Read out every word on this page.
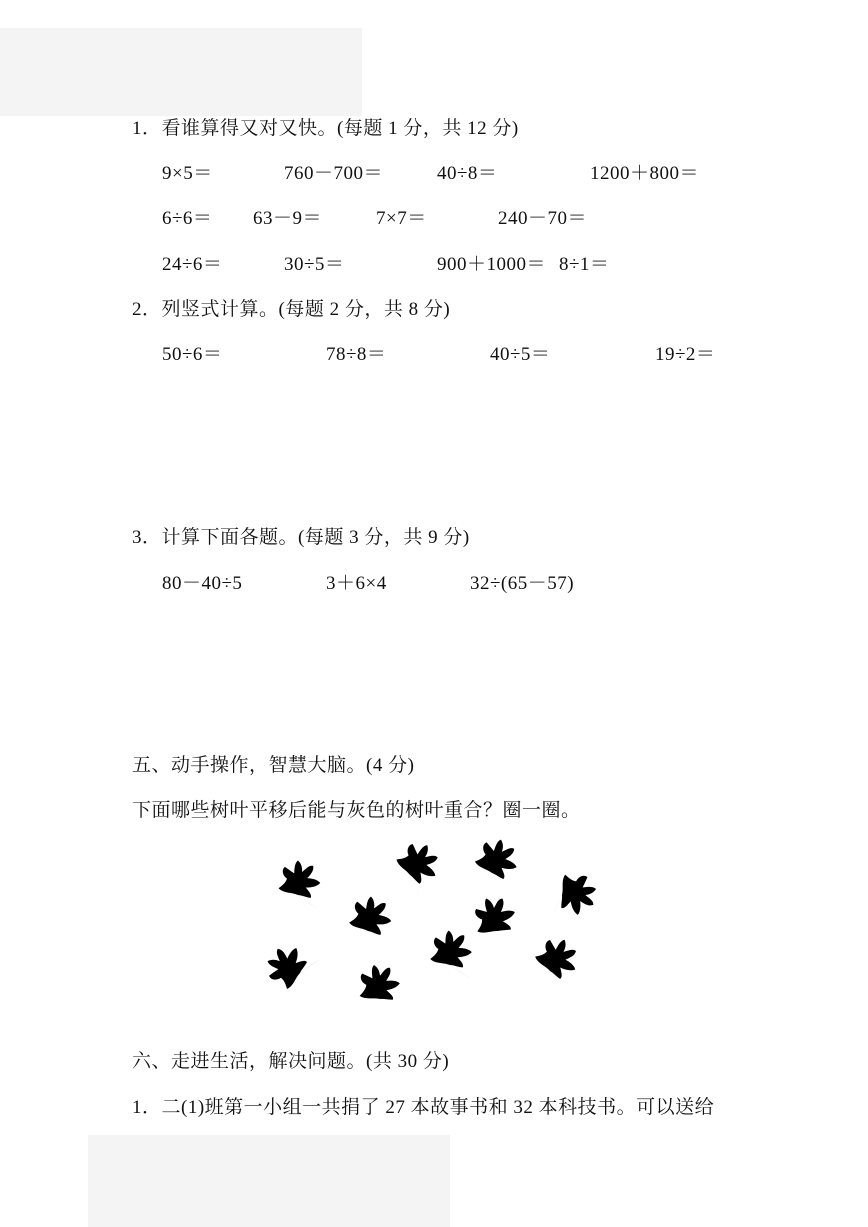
1．看谁算得又对又快。(每题 1 分，共 12 分)
9×5＝	760－700＝	40÷8＝	1200＋800＝
6÷6＝ 63－9＝	7×7＝	240－70＝
24÷6＝	30÷5＝	900＋1000＝ 8÷1＝
2．列竖式计算。(每题 2 分，共 8 分)
50÷6＝	78÷8＝	40÷5＝	19÷2＝
3．计算下面各题。(每题 3 分，共 9 分)
80－40÷5	3＋6×4	32÷(65－57)
五、动手操作，智慧大脑。(4 分)
下面哪些树叶平移后能与灰色的树叶重合？圈一圈。
六、走进生活，解决问题。(共 30 分)
1．二(1)班第一小组一共捐了 27 本故事书和 32 本科技书。可以送给
